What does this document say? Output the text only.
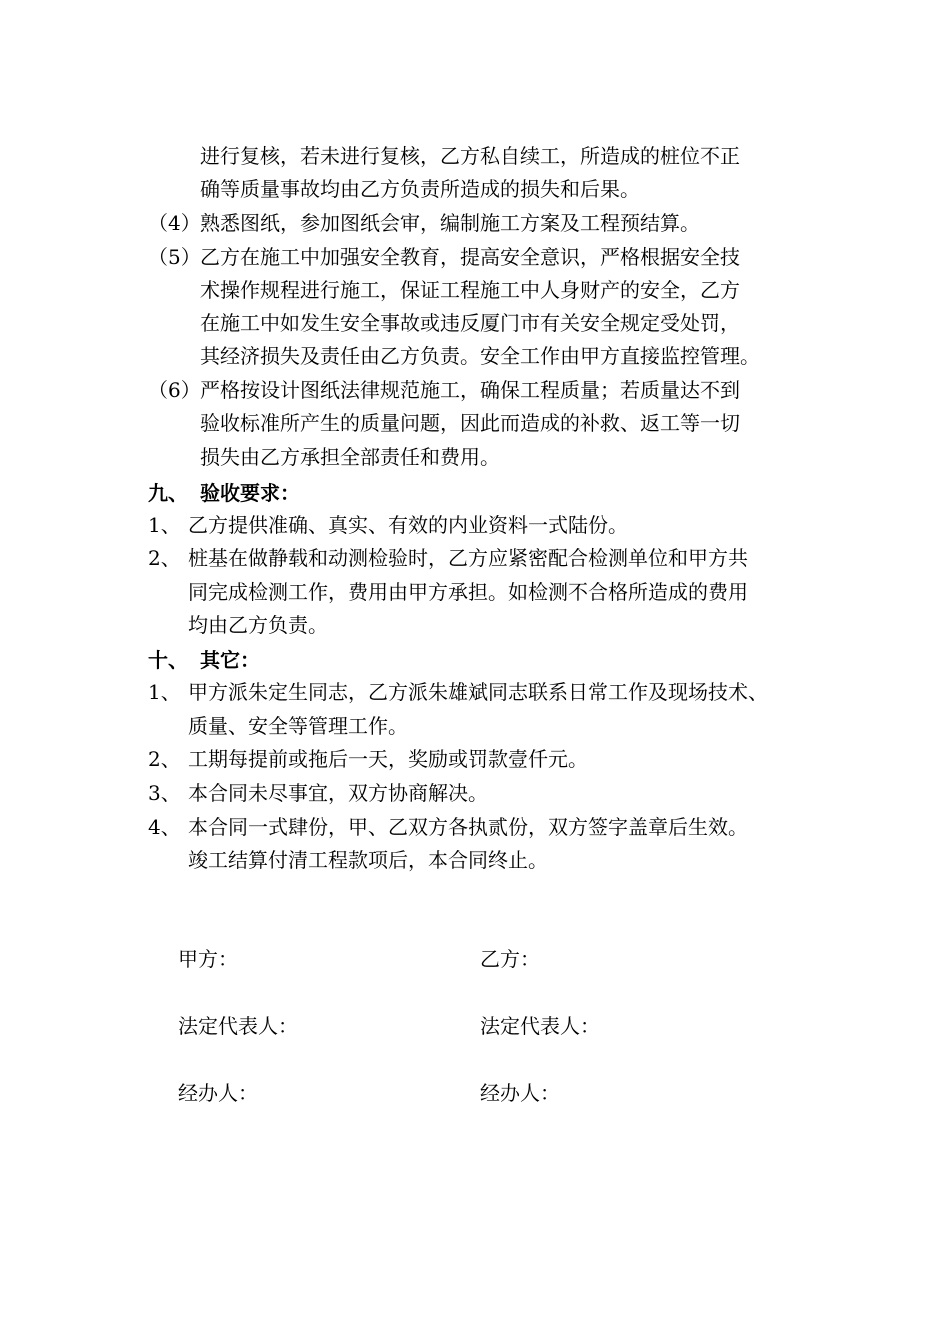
进行复核，若未进行复核，乙方私自续工，所造成的桩位不正
确等质量事故均由乙方负责所造成的损失和后果。
（4） 熟悉图纸，参加图纸会审，编制施工方案及工程预结算。
（5） 乙方在施工中加强安全教育，提高安全意识，严格根据安全技
术操作规程进行施工，保证工程施工中人身财产的安全，乙方
在施工中如发生安全事故或违反厦门市有关安全规定受处罚，
其经济损失及责任由乙方负责。安全工作由甲方直接监控管理。
（6） 严格按设计图纸法律规范施工，确保工程质量；若质量达不到
验收标准所产生的质量问题，因此而造成的补救、返工等一切
损失由乙方承担全部责任和费用。
九、 验收要求：
1、 乙方提供准确、真实、有效的内业资料一式陆份。
2、 桩基在做静载和动测检验时，乙方应紧密配合检测单位和甲方共
同完成检测工作，费用由甲方承担。如检测不合格所造成的费用
均由乙方负责。
十、 其它：
1、 甲方派朱定生同志，乙方派朱雄斌同志联系日常工作及现场技术、
质量、安全等管理工作。
2、 工期每提前或拖后一天，奖励或罚款壹仟元。
3、 本合同未尽事宜，双方协商解决。
4、 本合同一式肆份，甲、乙双方各执贰份，双方签字盖章后生效。
竣工结算付清工程款项后，本合同终止。
甲方：	乙方：
法定代表人：	法定代表人：
经办人：	经办人：
